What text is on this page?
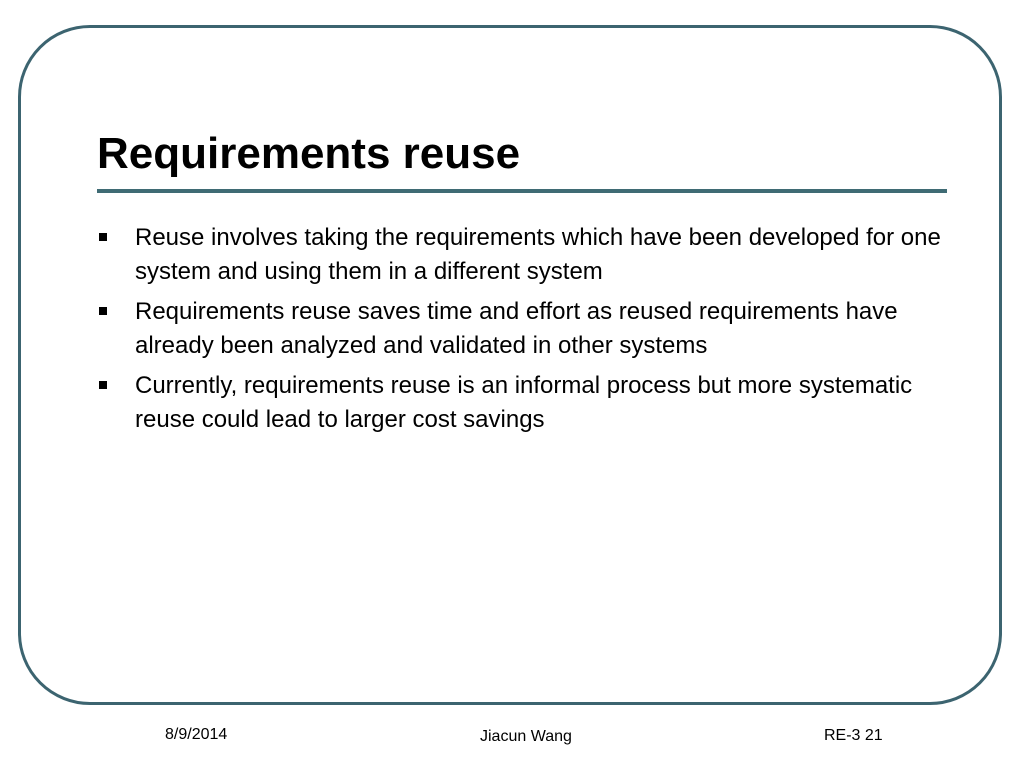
Requirements reuse
Reuse involves taking the requirements which have been developed for one system and using them in a different system
Requirements reuse saves time and effort as reused requirements have already been analyzed and validated in other systems
Currently, requirements reuse is an informal process but more systematic reuse could lead to larger cost savings
8/9/2014	Jiacun Wang	RE-3 21
